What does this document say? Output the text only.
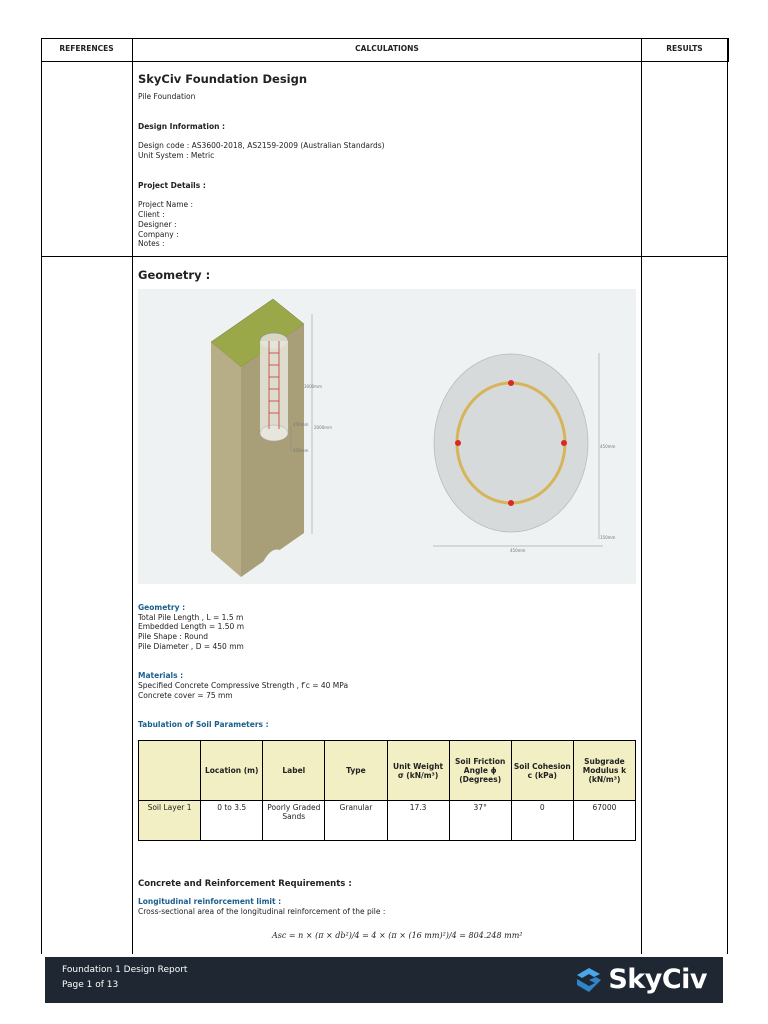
REFERENCES	CALCULATIONS	RESULTS
SkyCiv Foundation Design
Pile Foundation
Design Information :
Design code : AS3600-2018, AS2159-2009 (Australian Standards)
Unit System : Metric
Project Details :
Project Name :
Client :
Designer :
Company :
Notes :
Geometry :
3000mm
2000mm
450mm
450mm
450mm
450mm
150mm
Geometry :
Total Pile Length , L = 1.5 m
Embedded Length = 1.50 m
Pile Shape : Round
Pile Diameter , D = 450 mm
Materials :
Specified Concrete Compressive Strength , f′c = 40 MPa
Concrete cover = 75 mm
Tabulation of Soil Parameters :
	Location (m)	Label	Type	Unit Weight σ (kN/m³)	Soil Friction Angle ϕ (Degrees)	Soil Cohesion c (kPa)	Subgrade Modulus k (kN/m³)
Soil Layer 1	0 to 3.5	Poorly Graded Sands	Granular	17.3	37°	0	67000
Concrete and Reinforcement Requirements :
Longitudinal reinforcement limit :
Cross-sectional area of the longitudinal reinforcement of the pile :
Asc = n × (π × db²)/4 = 4 × (π × (16 mm)²)/4 = 804.248 mm²
Foundation 1 Design Report
Page 1 of 13	SkyCiv
